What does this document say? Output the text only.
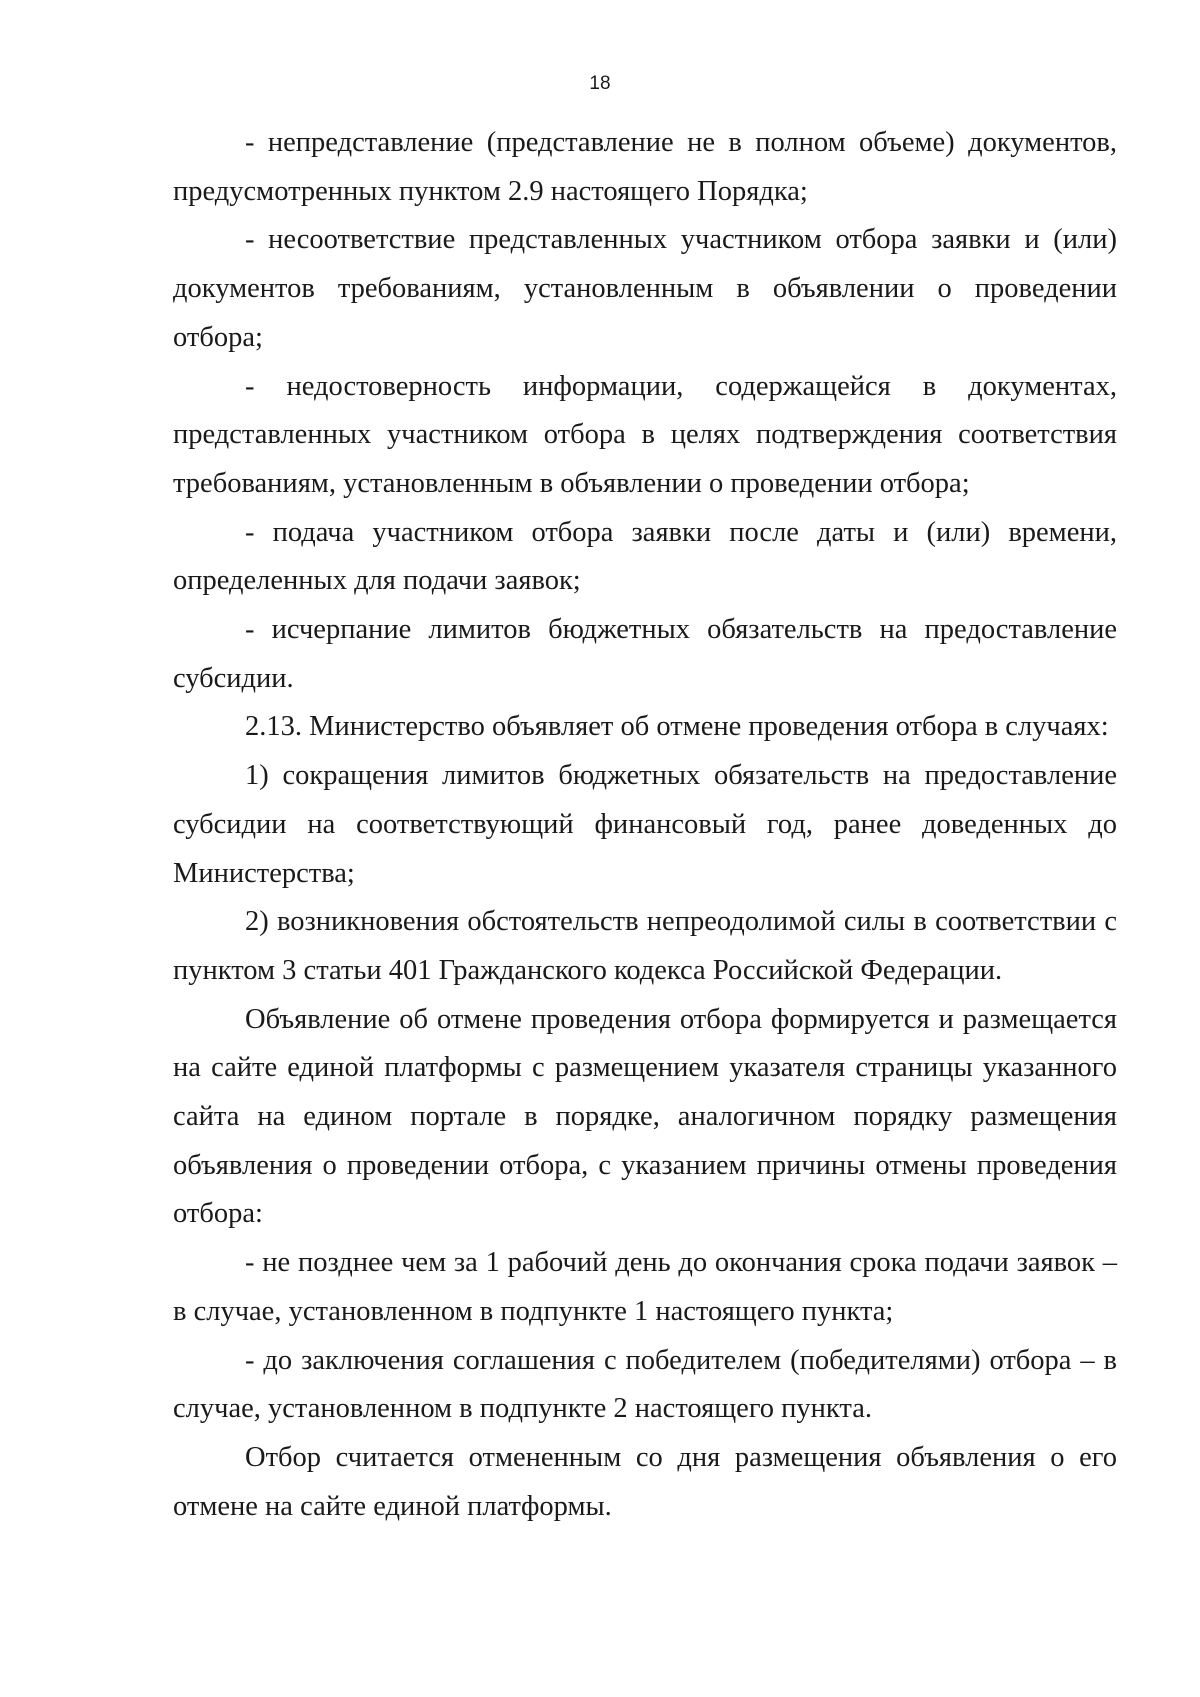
18

- непредставление (представление не в полном объеме) документов, предусмотренных пунктом 2.9 настоящего Порядка;

- несоответствие представленных участником отбора заявки и (или) документов требованиям, установленным в объявлении о проведении отбора;

- недостоверность информации, содержащейся в документах, представленных участником отбора в целях подтверждения соответствия требованиям, установленным в объявлении о проведении отбора;

- подача участником отбора заявки после даты и (или) времени, определенных для подачи заявок;

- исчерпание лимитов бюджетных обязательств на предоставление субсидии.

2.13. Министерство объявляет об отмене проведения отбора в случаях:

1) сокращения лимитов бюджетных обязательств на предоставление субсидии на соответствующий финансовый год, ранее доведенных до Министерства;

2) возникновения обстоятельств непреодолимой силы в соответствии с пунктом 3 статьи 401 Гражданского кодекса Российской Федерации.

Объявление об отмене проведения отбора формируется и размещается на сайте единой платформы с размещением указателя страницы указанного сайта на едином портале в порядке, аналогичном порядку размещения объявления о проведении отбора, с указанием причины отмены проведения отбора:

- не позднее чем за 1 рабочий день до окончания срока подачи заявок – в случае, установленном в подпункте 1 настоящего пункта;

- до заключения соглашения с победителем (победителями) отбора – в случае, установленном в подпункте 2 настоящего пункта.

Отбор считается отмененным со дня размещения объявления о его отмене на сайте единой платформы.
